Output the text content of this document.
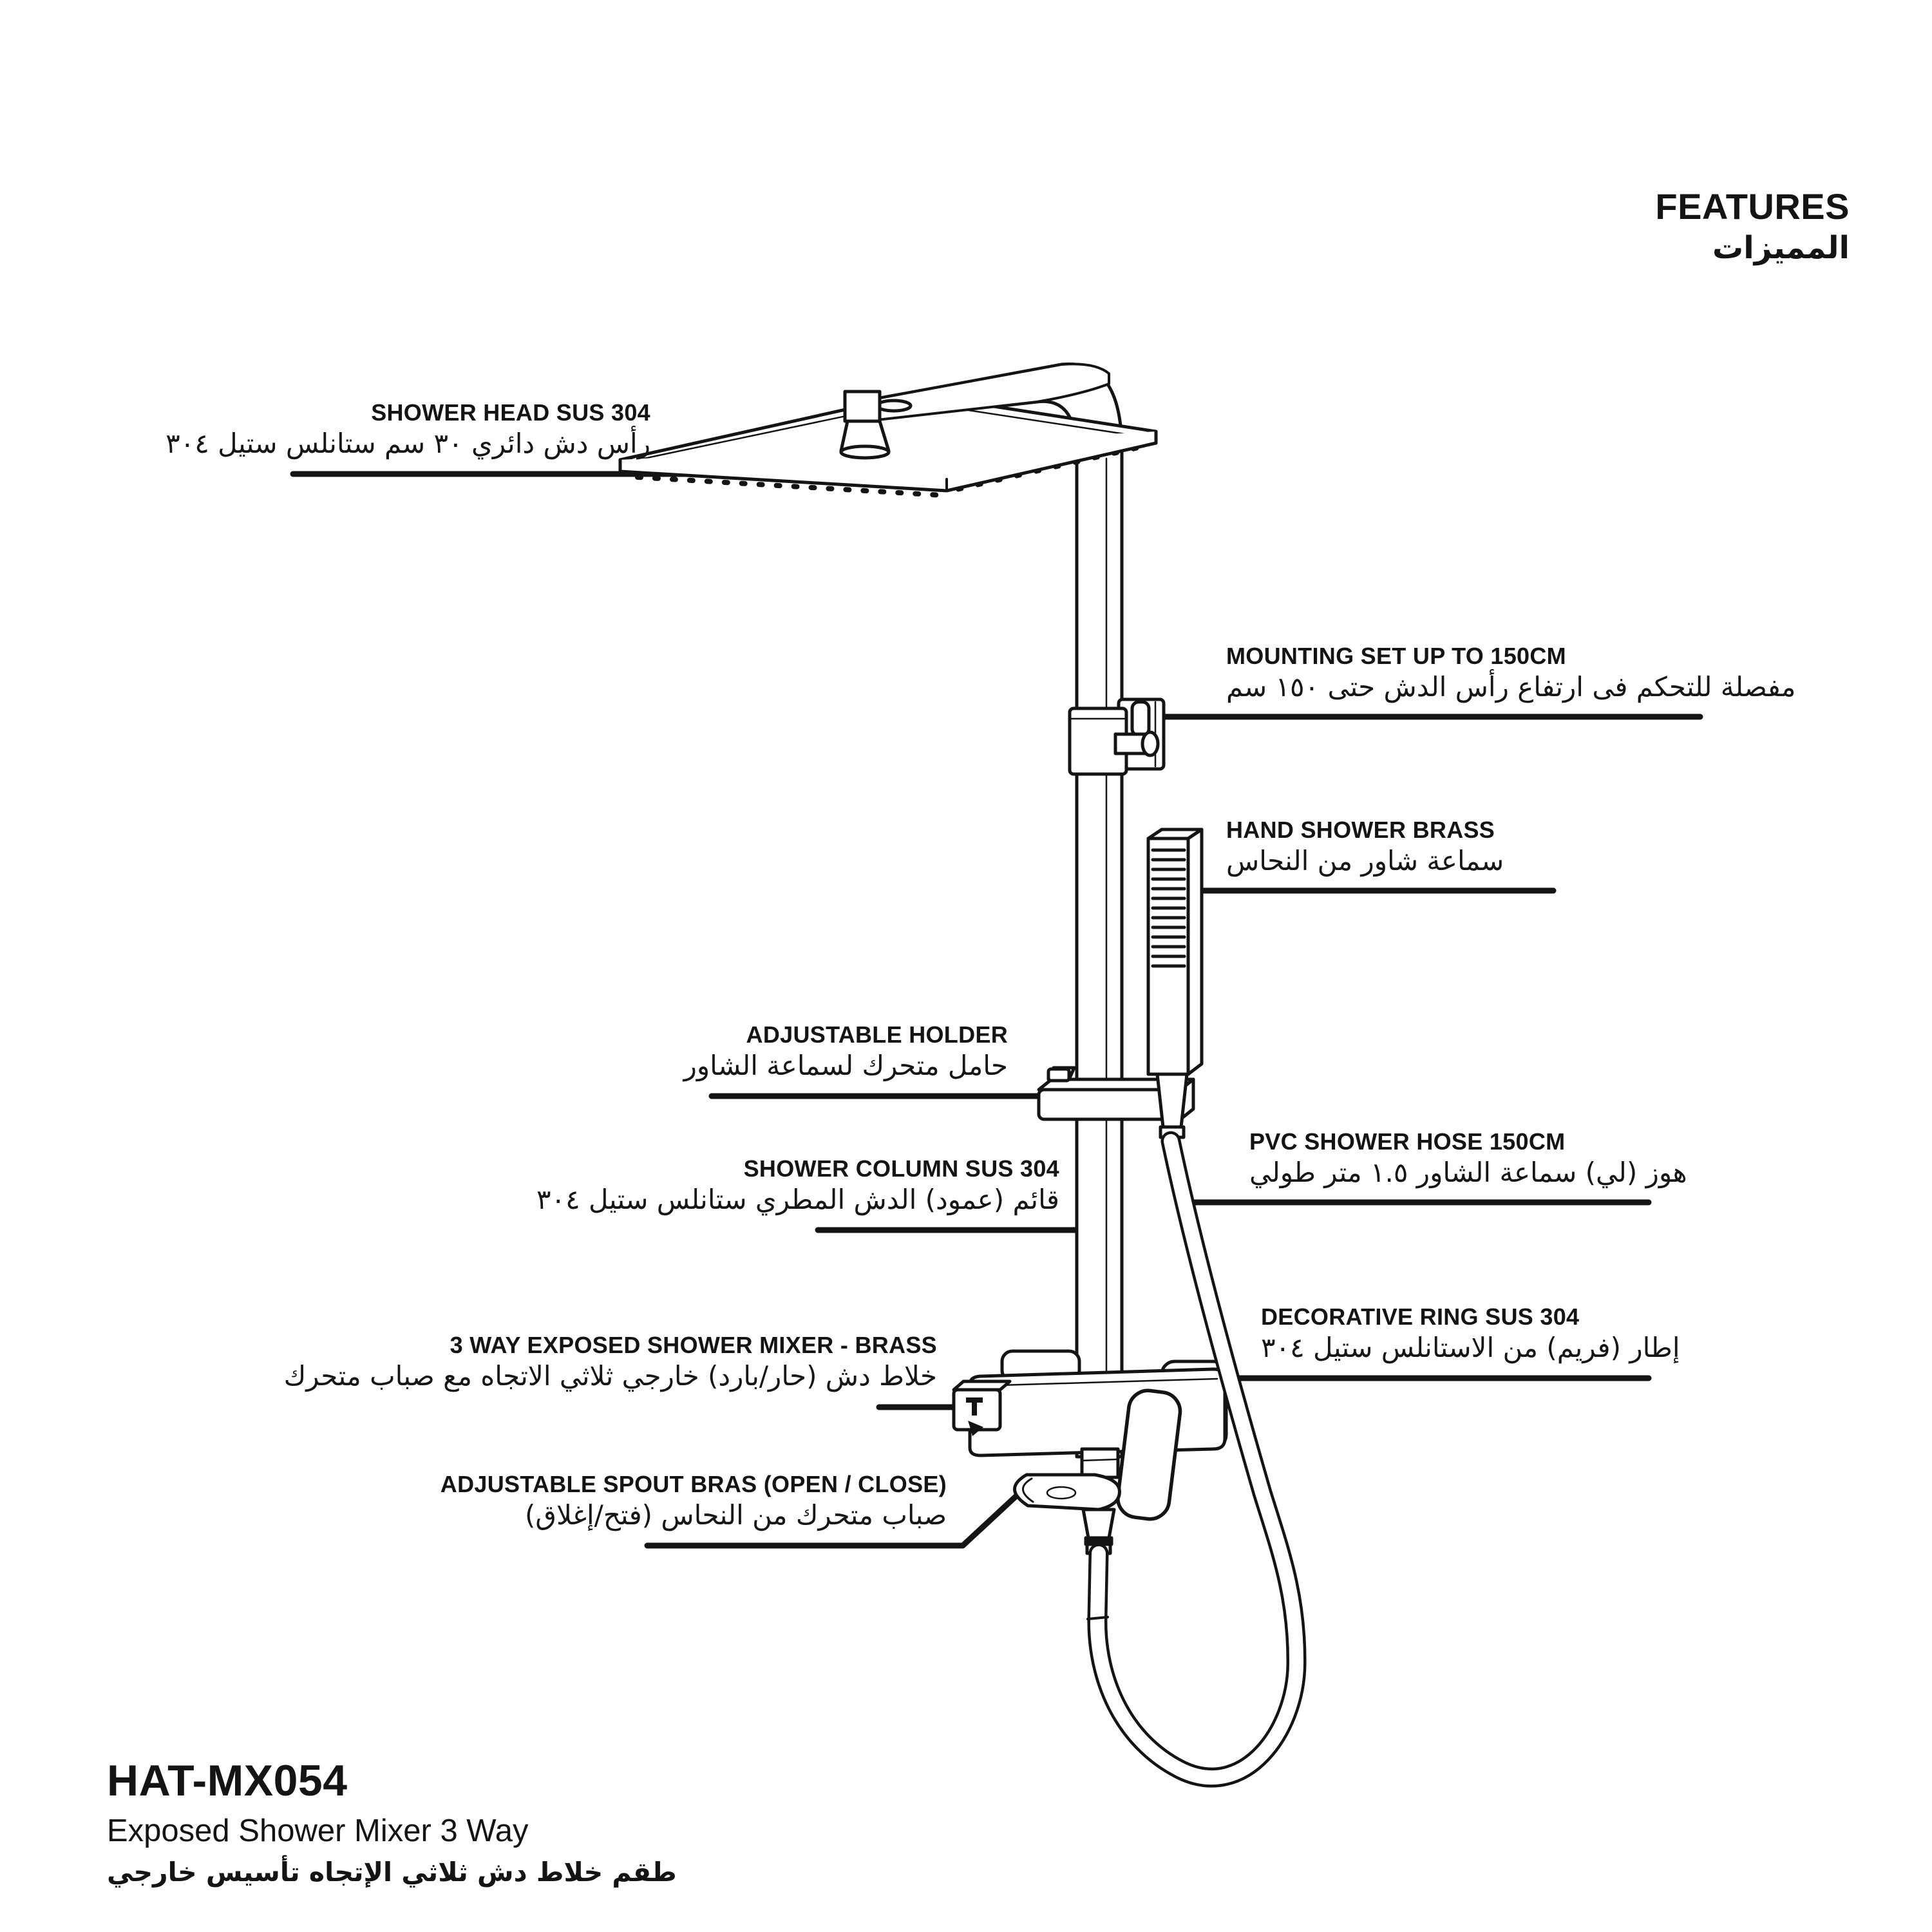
FEATURES
المميزات
SHOWER HEAD SUS 304
رأس دش دائري ٣٠ سم ستانلس ستيل ٣٠٤
MOUNTING SET UP TO 150CM
مفصلة للتحكم فى ارتفاع رأس الدش حتى ١٥٠ سم
HAND SHOWER BRASS
سماعة شاور من النحاس
ADJUSTABLE HOLDER
حامل متحرك لسماعة الشاور
SHOWER COLUMN SUS 304
قائم (عمود) الدش المطري ستانلس ستيل ٣٠٤
PVC SHOWER HOSE 150CM
هوز (لي) سماعة الشاور ١.٥ متر طولي
DECORATIVE RING SUS 304
إطار (فريم) من الاستانلس ستيل ٣٠٤
3 WAY EXPOSED SHOWER MIXER - BRASS
خلاط دش (حار/بارد) خارجي ثلاثي الاتجاه مع صباب متحرك
ADJUSTABLE SPOUT BRAS (OPEN / CLOSE)
صباب متحرك من النحاس (فتح/إغلاق)
HAT-MX054
Exposed Shower Mixer 3 Way
طقم خلاط دش ثلاثي الإتجاه تأسيس خارجي
